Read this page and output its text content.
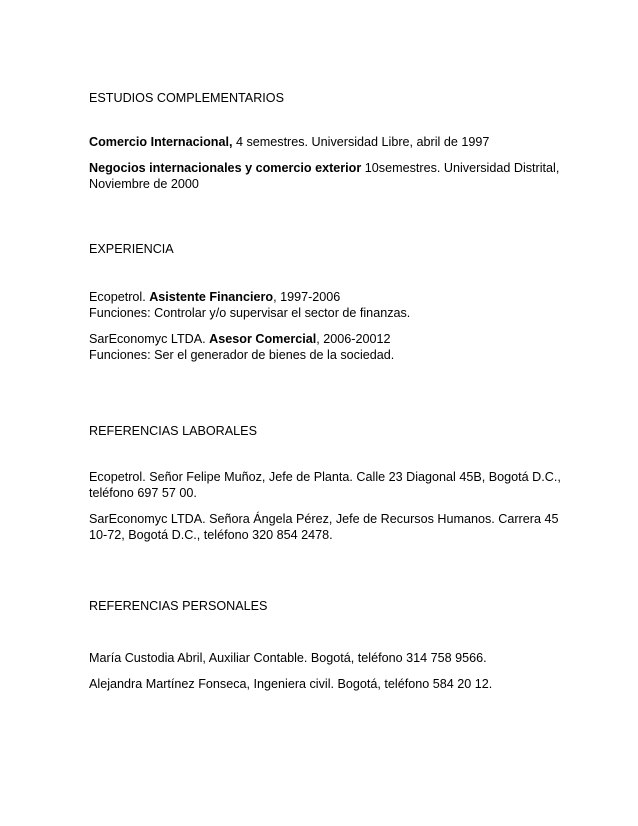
ESTUDIOS COMPLEMENTARIOS

Comercio Internacional, 4 semestres. Universidad Libre, abril de 1997

Negocios internacionales y comercio exterior 10semestres. Universidad Distrital, Noviembre de 2000

EXPERIENCIA

Ecopetrol. Asistente Financiero, 1997-2006
Funciones: Controlar y/o supervisar el sector de finanzas.
SarEconomyc LTDA. Asesor Comercial, 2006-20012
Funciones: Ser el generador de bienes de la sociedad.

REFERENCIAS LABORALES

Ecopetrol. Señor Felipe Muñoz, Jefe de Planta. Calle 23 Diagonal 45B, Bogotá D.C., teléfono 697 57 00.

SarEconomyc LTDA. Señora Ángela Pérez, Jefe de Recursos Humanos. Carrera 45 10-72, Bogotá D.C., teléfono 320 854 2478.

REFERENCIAS PERSONALES

María Custodia Abril, Auxiliar Contable. Bogotá, teléfono 314 758 9566.

Alejandra Martínez Fonseca, Ingeniera civil. Bogotá, teléfono 584 20 12.
